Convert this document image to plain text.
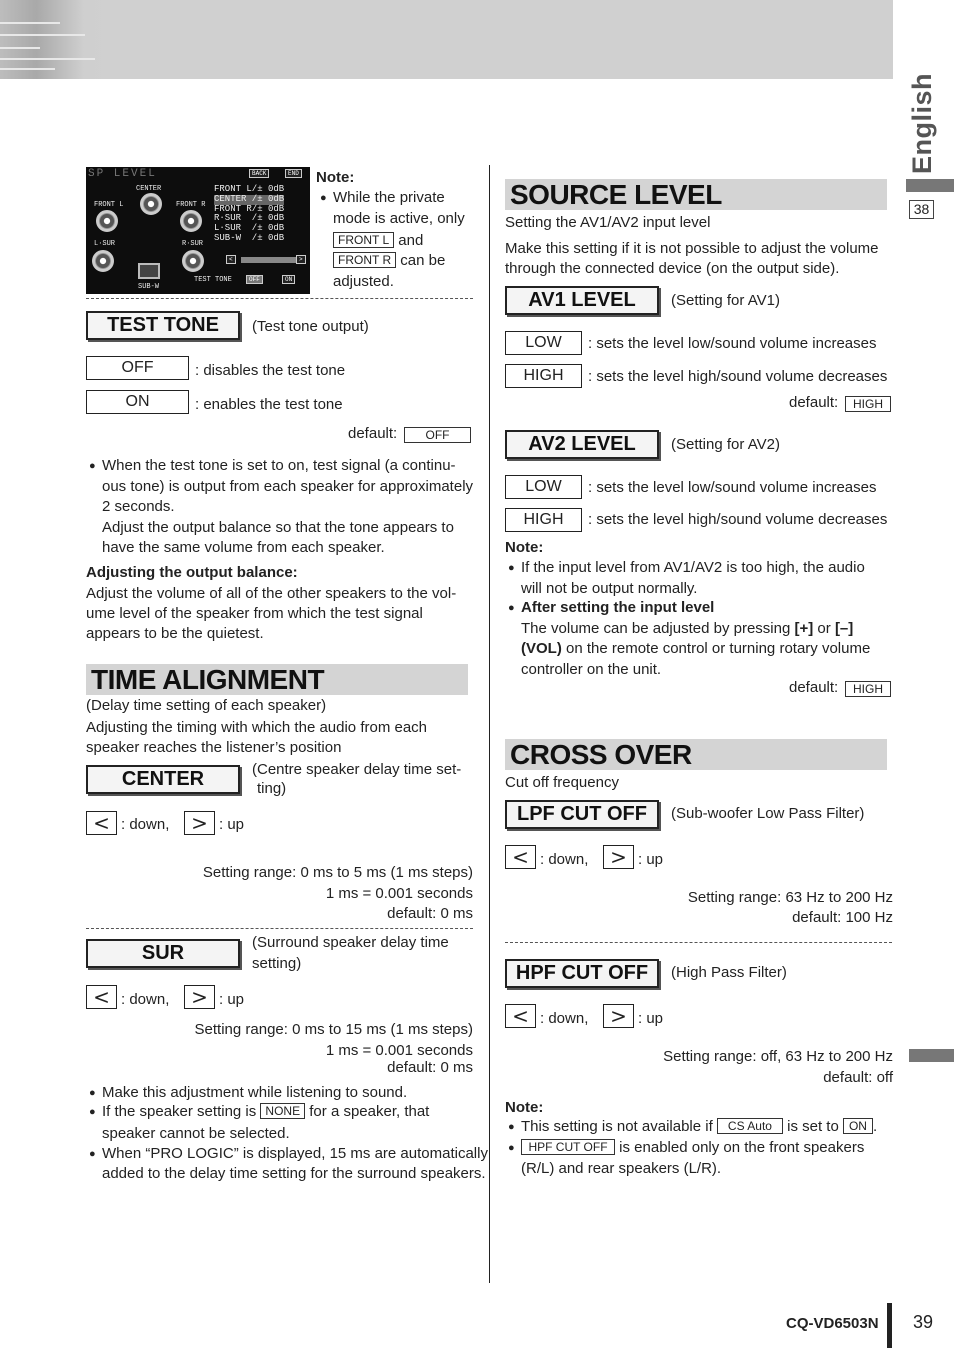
English
38
SP LEVEL	BACK	END
CENTER
FRONT L	FRONT R
L·SUR	R·SUR
SUB-W
FRONT L/± 0dB
CENTER /± 0dB
FRONT R/± 0dB
R·SUR  /± 0dB
L·SUR  /± 0dB
SUB-W  /± 0dB
<	>
TEST TONE	OFF	ON
Note:
● While the private
mode is active, only
FRONT L and
FRONT R can be
adjusted.
TEST TONE	(Test tone output)
OFF	: disables the test tone
ON	: enables the test tone
default:	OFF
● When the test tone is set to on, test signal (a continu-
ous tone) is output from each speaker for approximately
2 seconds.
Adjust the output balance so that the tone appears to
have the same volume from each speaker.
Adjusting the output balance:
Adjust the volume of all of the other speakers to the vol-
ume level of the speaker from which the test signal
appears to be the quietest.
TIME ALIGNMENT
(Delay time setting of each speaker)
Adjusting the timing with which the audio from each
speaker reaches the listener’s position
CENTER	(Centre speaker delay time set-
ting)
< : down,	> : up
Setting range: 0 ms to 5 ms (1 ms steps)
1 ms = 0.001 seconds
default: 0 ms
SUR	(Surround speaker delay time
setting)
< : down,	> : up
Setting range: 0 ms to 15 ms (1 ms steps)
1 ms = 0.001 seconds
default: 0 ms
● Make this adjustment while listening to sound.
● If the speaker setting is NONE for a speaker, that
speaker cannot be selected.
● When “PRO LOGIC” is displayed, 15 ms are automatically
added to the delay time setting for the surround speakers.
SOURCE LEVEL
Setting the AV1/AV2 input level
Make this setting if it is not possible to adjust the volume
through the connected device (on the output side).
AV1 LEVEL	(Setting for AV1)
LOW	: sets the level low/sound volume increases
HIGH	: sets the level high/sound volume decreases
default:	HIGH
AV2 LEVEL	(Setting for AV2)
LOW	: sets the level low/sound volume increases
HIGH	: sets the level high/sound volume decreases
Note:
● If the input level from AV1/AV2 is too high, the audio
will not be output normally.
● After setting the input level
The volume can be adjusted by pressing [+] or [–]
(VOL) on the remote control or turning rotary volume
controller on the unit.
default:	HIGH
CROSS OVER
Cut off frequency
LPF CUT OFF	(Sub-woofer Low Pass Filter)
< : down,	> : up
Setting range: 63 Hz to 200 Hz
default: 100 Hz
HPF CUT OFF	(High Pass Filter)
< : down,	> : up
Setting range: off, 63 Hz to 200 Hz
default: off
Note:
● This setting is not available if CS Auto is set to ON .
● HPF CUT OFF is enabled only on the front speakers
(R/L) and rear speakers (L/R).
CQ-VD6503N 39
